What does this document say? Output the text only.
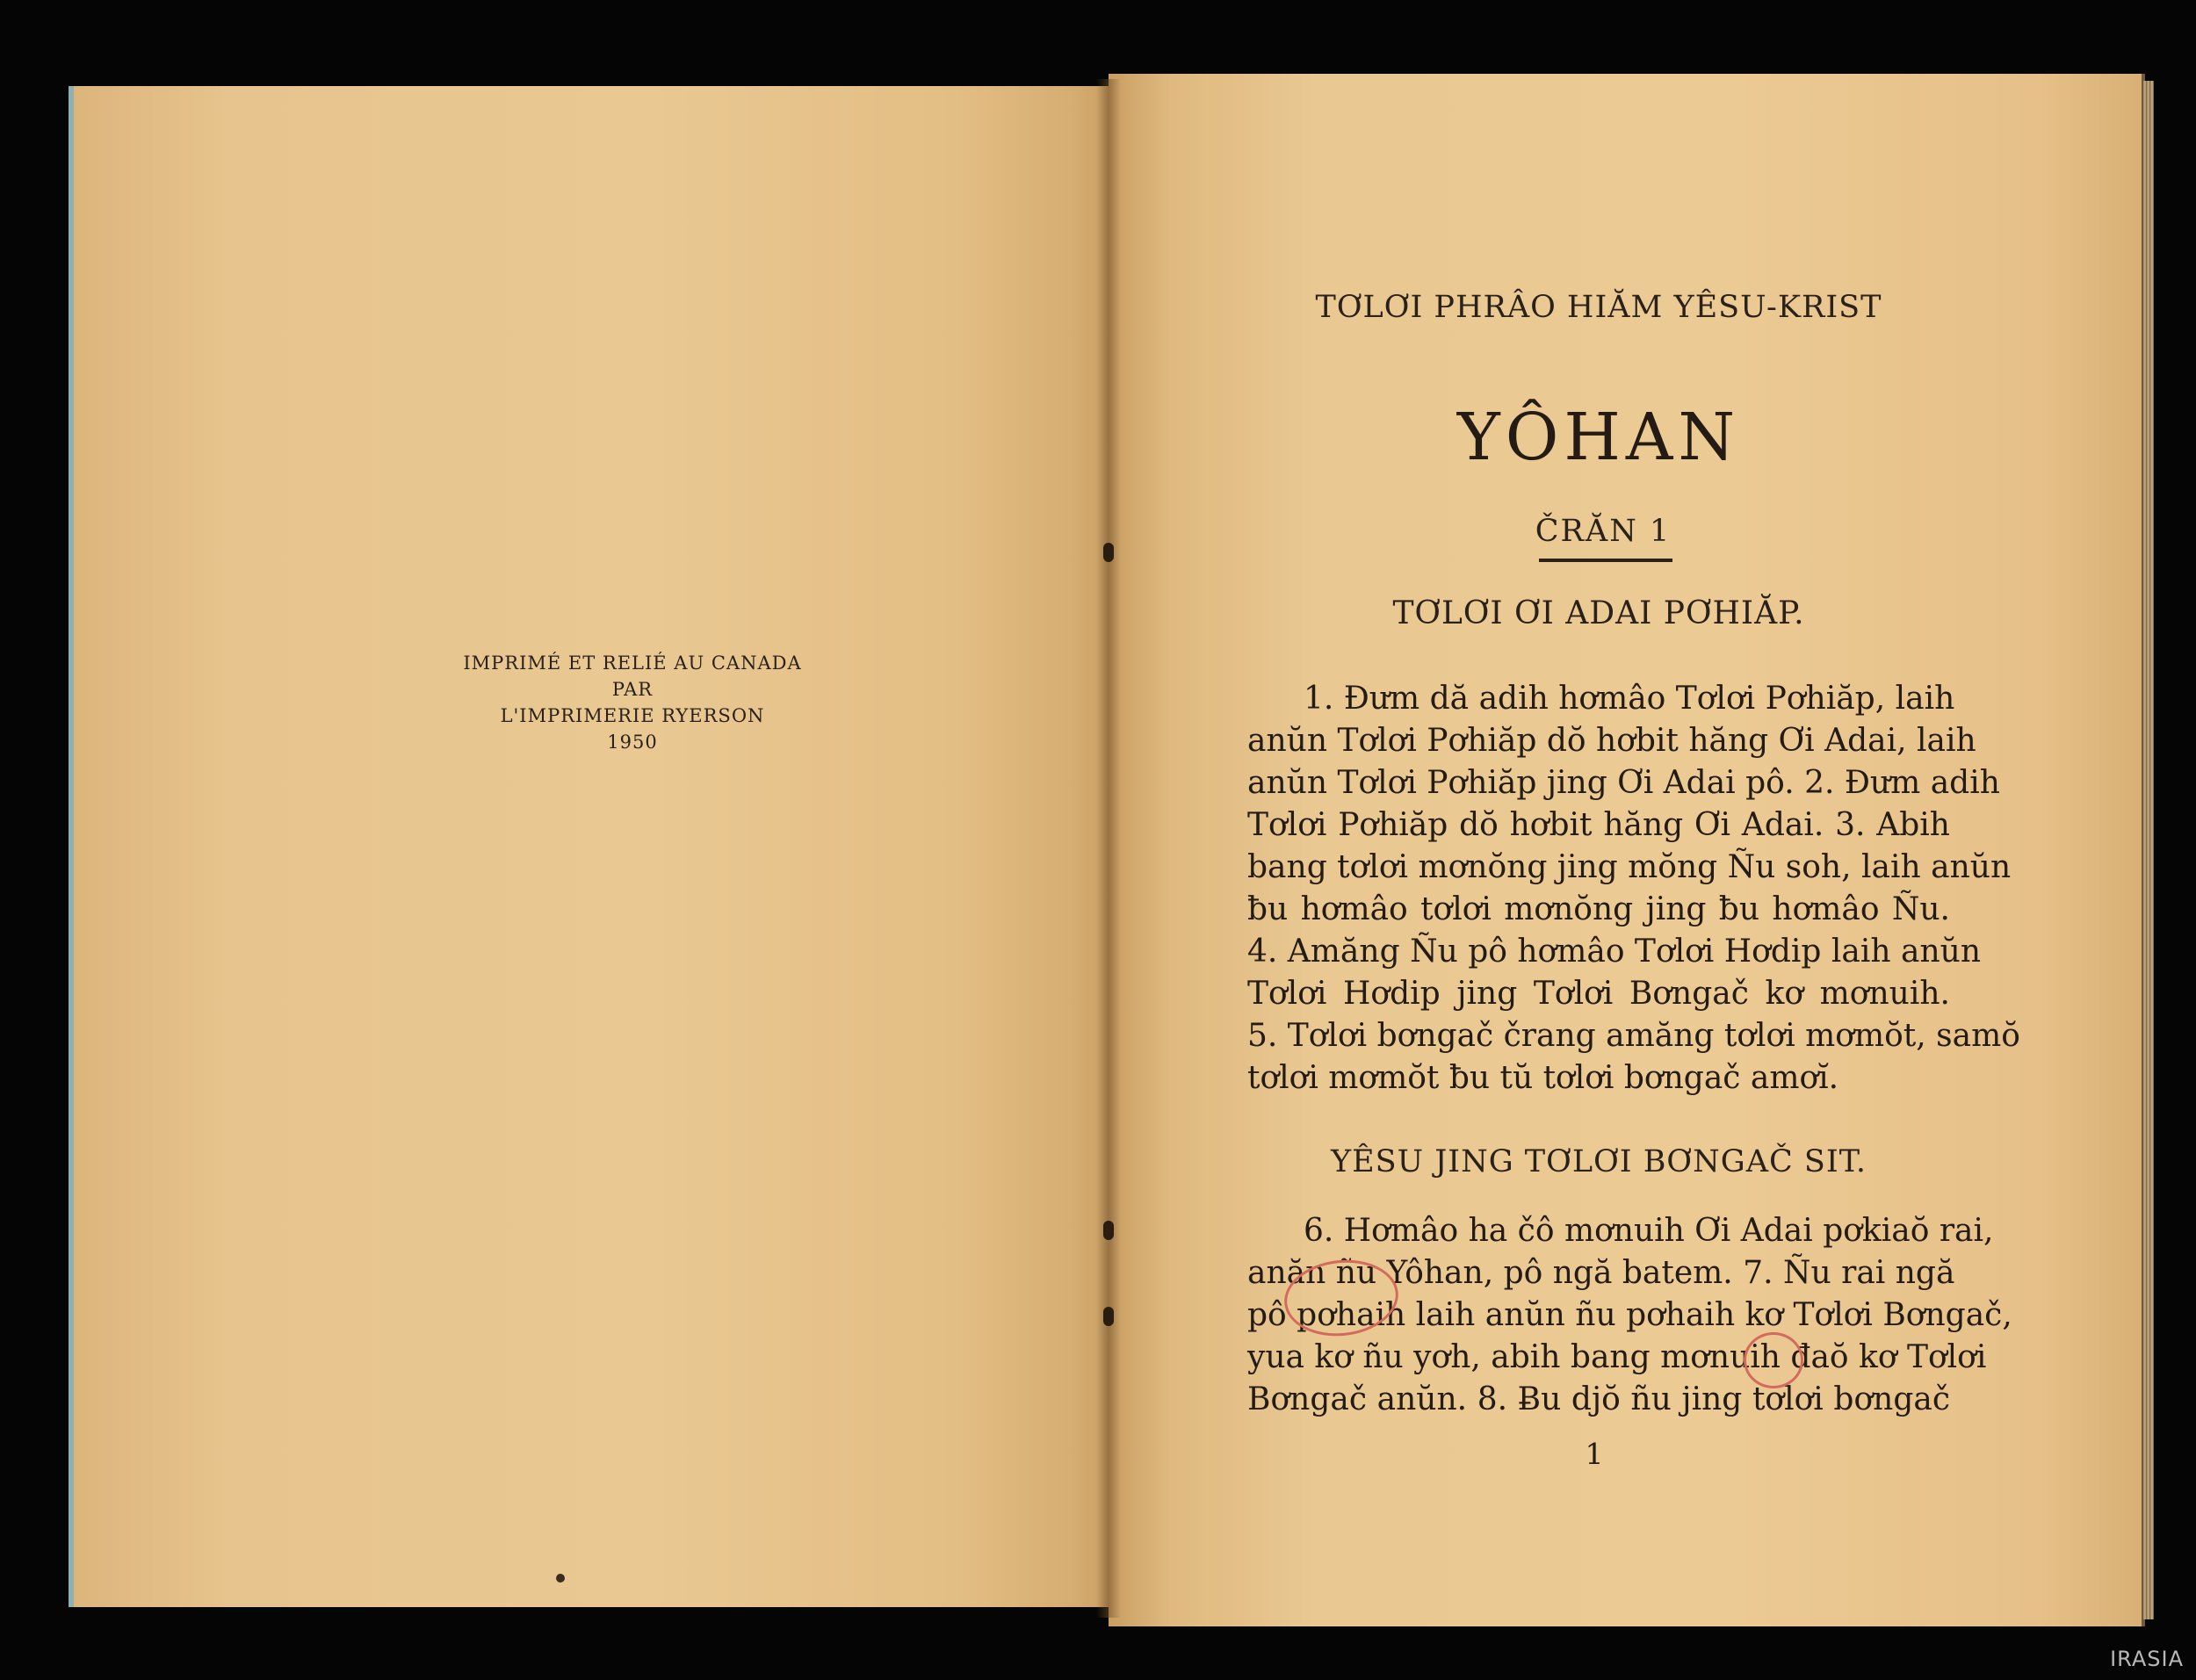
IMPRIMÉ ET RELIÉ AU CANADA
PAR
L'IMPRIMERIE RYERSON
1950
TƠLƠI PHRÂO HIĂM YÊSU-KRIST
YÔHAN
ČRĂN 1
TƠLƠI ƠI ADAI PƠHIĂP.
1. Đưm dă adih hơmâo Tơlơi Pơhiăp, laih
anŭn Tơlơi Pơhiăp dŏ hơbit hăng Ơi Adai, laih
anŭn Tơlơi Pơhiăp jing Ơi Adai pô. 2. Đưm adih
Tơlơi Pơhiăp dŏ hơbit hăng Ơi Adai. 3. Abih
bang tơlơi mơnŏng jing mŏng Ñu soh, laih anŭn
ƀu hơmâo tơlơi mơnŏng jing ƀu hơmâo Ñu.
4. Amăng Ñu pô hơmâo Tơlơi Hơdip laih anŭn
Tơlơi Hơdip jing Tơlơi Bơngač kơ mơnuih.
5. Tơlơi bơngač črang amăng tơlơi mơmŏt, samŏ
tơlơi mơmŏt ƀu tŭ tơlơi bơngač amơĭ.
YÊSU JING TƠLƠI BƠNGAČ SIT.
6. Hơmâo ha čô mơnuih Ơi Adai pơkiaŏ rai,
anăn ñu Yôhan, pô ngă batem. 7. Ñu rai ngă
pô pơhaih laih anŭn ñu pơhaih kơ Tơlơi Bơngač,
yua kơ ñu yơh, abih bang mơnuih đaŏ kơ Tơlơi
Bơngač anŭn. 8. Ƀu djŏ ñu jing tơlơi bơngač
1
IRASIA
